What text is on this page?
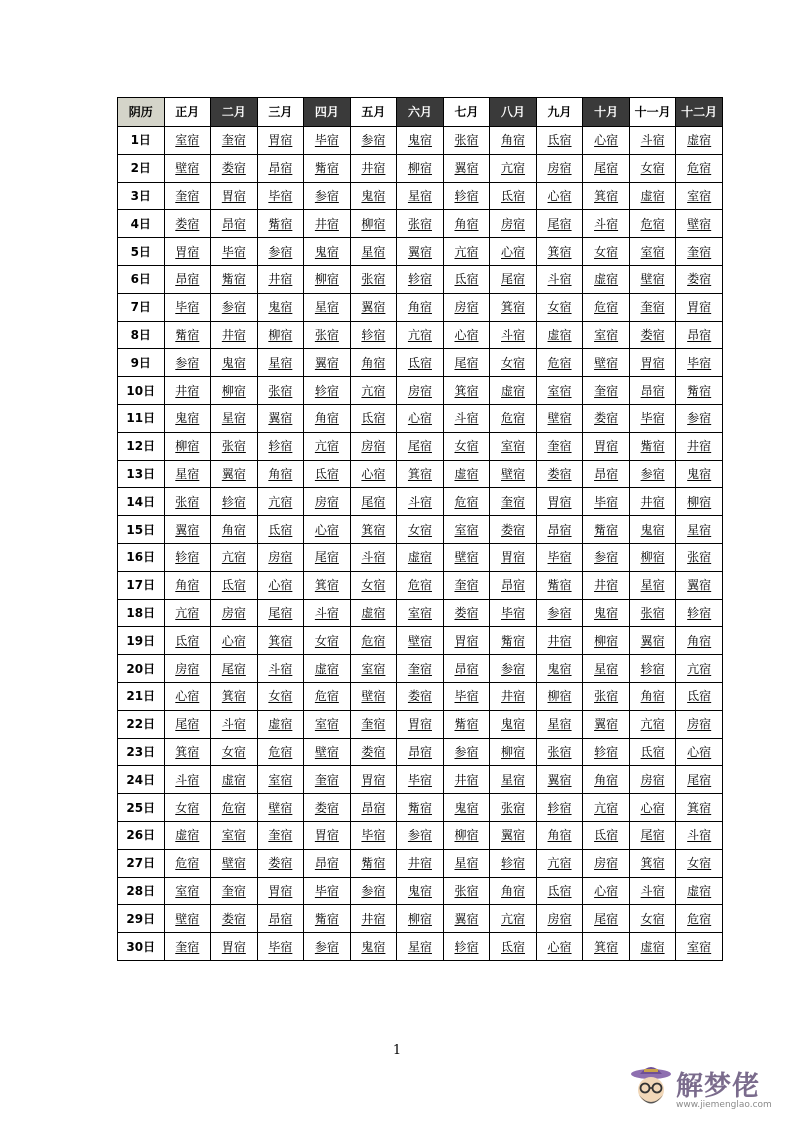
阴历	正月	二月	三月	四月	五月	六月	七月	八月	九月	十月	十一月	十二月
1日	室宿	奎宿	胃宿	毕宿	参宿	鬼宿	张宿	角宿	氐宿	心宿	斗宿	虚宿
2日	壁宿	娄宿	昂宿	觜宿	井宿	柳宿	翼宿	亢宿	房宿	尾宿	女宿	危宿
3日	奎宿	胃宿	毕宿	参宿	鬼宿	星宿	轸宿	氐宿	心宿	箕宿	虚宿	室宿
4日	娄宿	昂宿	觜宿	井宿	柳宿	张宿	角宿	房宿	尾宿	斗宿	危宿	壁宿
5日	胃宿	毕宿	参宿	鬼宿	星宿	翼宿	亢宿	心宿	箕宿	女宿	室宿	奎宿
6日	昂宿	觜宿	井宿	柳宿	张宿	轸宿	氐宿	尾宿	斗宿	虚宿	壁宿	娄宿
7日	毕宿	参宿	鬼宿	星宿	翼宿	角宿	房宿	箕宿	女宿	危宿	奎宿	胃宿
8日	觜宿	井宿	柳宿	张宿	轸宿	亢宿	心宿	斗宿	虚宿	室宿	娄宿	昂宿
9日	参宿	鬼宿	星宿	翼宿	角宿	氐宿	尾宿	女宿	危宿	壁宿	胃宿	毕宿
10日	井宿	柳宿	张宿	轸宿	亢宿	房宿	箕宿	虚宿	室宿	奎宿	昂宿	觜宿
11日	鬼宿	星宿	翼宿	角宿	氐宿	心宿	斗宿	危宿	壁宿	娄宿	毕宿	参宿
12日	柳宿	张宿	轸宿	亢宿	房宿	尾宿	女宿	室宿	奎宿	胃宿	觜宿	井宿
13日	星宿	翼宿	角宿	氐宿	心宿	箕宿	虚宿	壁宿	娄宿	昂宿	参宿	鬼宿
14日	张宿	轸宿	亢宿	房宿	尾宿	斗宿	危宿	奎宿	胃宿	毕宿	井宿	柳宿
15日	翼宿	角宿	氐宿	心宿	箕宿	女宿	室宿	娄宿	昂宿	觜宿	鬼宿	星宿
16日	轸宿	亢宿	房宿	尾宿	斗宿	虚宿	壁宿	胃宿	毕宿	参宿	柳宿	张宿
17日	角宿	氐宿	心宿	箕宿	女宿	危宿	奎宿	昂宿	觜宿	井宿	星宿	翼宿
18日	亢宿	房宿	尾宿	斗宿	虚宿	室宿	娄宿	毕宿	参宿	鬼宿	张宿	轸宿
19日	氐宿	心宿	箕宿	女宿	危宿	壁宿	胃宿	觜宿	井宿	柳宿	翼宿	角宿
20日	房宿	尾宿	斗宿	虚宿	室宿	奎宿	昂宿	参宿	鬼宿	星宿	轸宿	亢宿
21日	心宿	箕宿	女宿	危宿	壁宿	娄宿	毕宿	井宿	柳宿	张宿	角宿	氐宿
22日	尾宿	斗宿	虚宿	室宿	奎宿	胃宿	觜宿	鬼宿	星宿	翼宿	亢宿	房宿
23日	箕宿	女宿	危宿	壁宿	娄宿	昂宿	参宿	柳宿	张宿	轸宿	氐宿	心宿
24日	斗宿	虚宿	室宿	奎宿	胃宿	毕宿	井宿	星宿	翼宿	角宿	房宿	尾宿
25日	女宿	危宿	壁宿	娄宿	昂宿	觜宿	鬼宿	张宿	轸宿	亢宿	心宿	箕宿
26日	虚宿	室宿	奎宿	胃宿	毕宿	参宿	柳宿	翼宿	角宿	氐宿	尾宿	斗宿
27日	危宿	壁宿	娄宿	昂宿	觜宿	井宿	星宿	轸宿	亢宿	房宿	箕宿	女宿
28日	室宿	奎宿	胃宿	毕宿	参宿	鬼宿	张宿	角宿	氐宿	心宿	斗宿	虚宿
29日	壁宿	娄宿	昂宿	觜宿	井宿	柳宿	翼宿	亢宿	房宿	尾宿	女宿	危宿
30日	奎宿	胃宿	毕宿	参宿	鬼宿	星宿	轸宿	氐宿	心宿	箕宿	虚宿	室宿
1
解梦佬
www.jiemenglao.com
